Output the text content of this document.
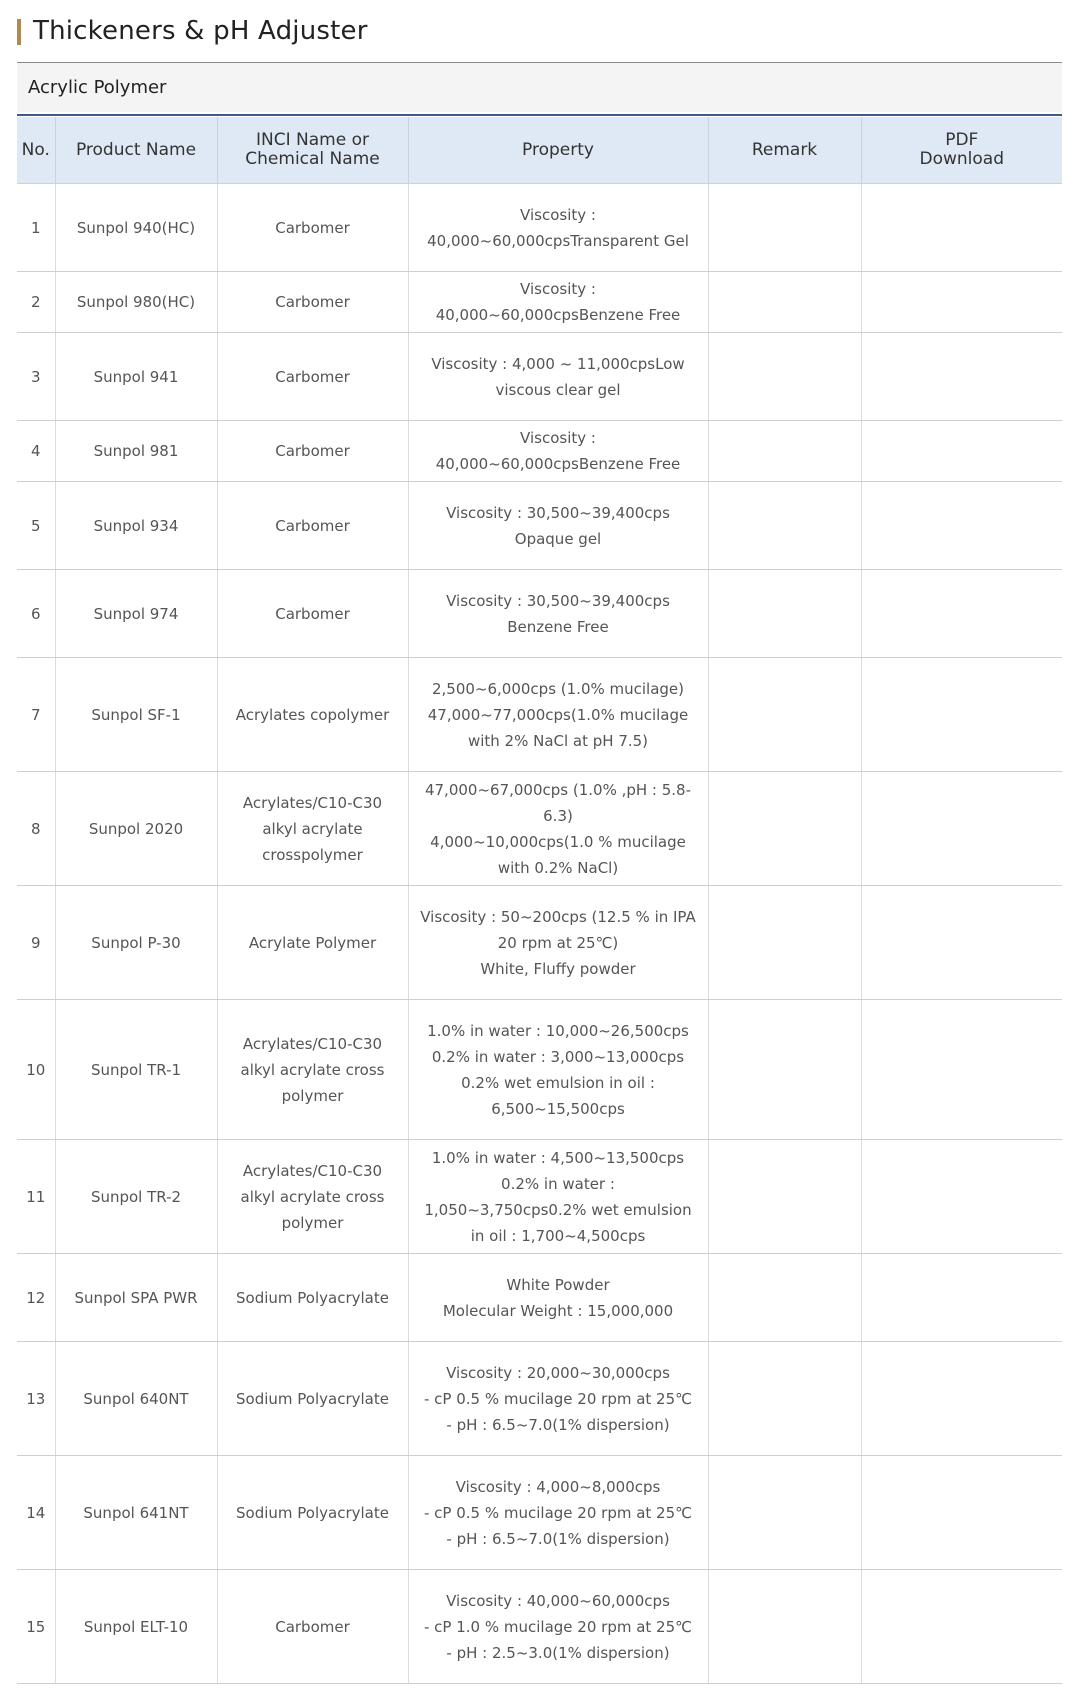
Thickeners & pH Adjuster
Acrylic Polymer
No.	Product Name	INCI Name or
Chemical Name	Property	Remark	PDF
Download

1	Sunpol 940(HC)	Carbomer	Viscosity : 40,000~60,000cpsTransparent Gel		

2	Sunpol 980(HC)	Carbomer	Viscosity : 40,000~60,000cpsBenzene Free		

3	Sunpol 941	Carbomer	Viscosity : 4,000 ~ 11,000cpsLow viscous clear gel		

4	Sunpol 981	Carbomer	Viscosity : 40,000~60,000cpsBenzene Free		

5	Sunpol 934	Carbomer	Viscosity : 30,500~39,400cps
Opaque gel		

6	Sunpol 974	Carbomer	Viscosity : 30,500~39,400cps
Benzene Free		

7	Sunpol SF-1	Acrylates copolymer	2,500~6,000cps (1.0% mucilage)
47,000~77,000cps(1.0% mucilage with 2% NaCl at pH 7.5)		

8	Sunpol 2020	Acrylates/C10-C30 alkyl acrylate crosspolymer	47,000~67,000cps (1.0% ,pH : 5.8-6.3)
4,000~10,000cps(1.0 % mucilage with 0.2% NaCl)		

9	Sunpol P-30	Acrylate Polymer	Viscosity : 50~200cps (12.5 % in IPA 20 rpm at 25℃)
White, Fluffy powder		

10	Sunpol TR-1	Acrylates/C10-C30 alkyl acrylate cross polymer	1.0% in water : 10,000~26,500cps
0.2% in water : 3,000~13,000cps
0.2% wet emulsion in oil : 6,500~15,500cps		

11	Sunpol TR-2	Acrylates/C10-C30 alkyl acrylate cross polymer	1.0% in water : 4,500~13,500cps 0.2% in water : 1,050~3,750cps0.2% wet emulsion in oil : 1,700~4,500cps		

12	Sunpol SPA PWR	Sodium Polyacrylate	White Powder
Molecular Weight : 15,000,000		

13	Sunpol 640NT	Sodium Polyacrylate	Viscosity : 20,000~30,000cps
- cP 0.5 % mucilage 20 rpm at 25℃
- pH : 6.5~7.0(1% dispersion)		

14	Sunpol 641NT	Sodium Polyacrylate	Viscosity : 4,000~8,000cps
- cP 0.5 % mucilage 20 rpm at 25℃
- pH : 6.5~7.0(1% dispersion)		

15	Sunpol ELT-10	Carbomer	Viscosity : 40,000~60,000cps
- cP 1.0 % mucilage 20 rpm at 25℃
- pH : 2.5~3.0(1% dispersion)		
